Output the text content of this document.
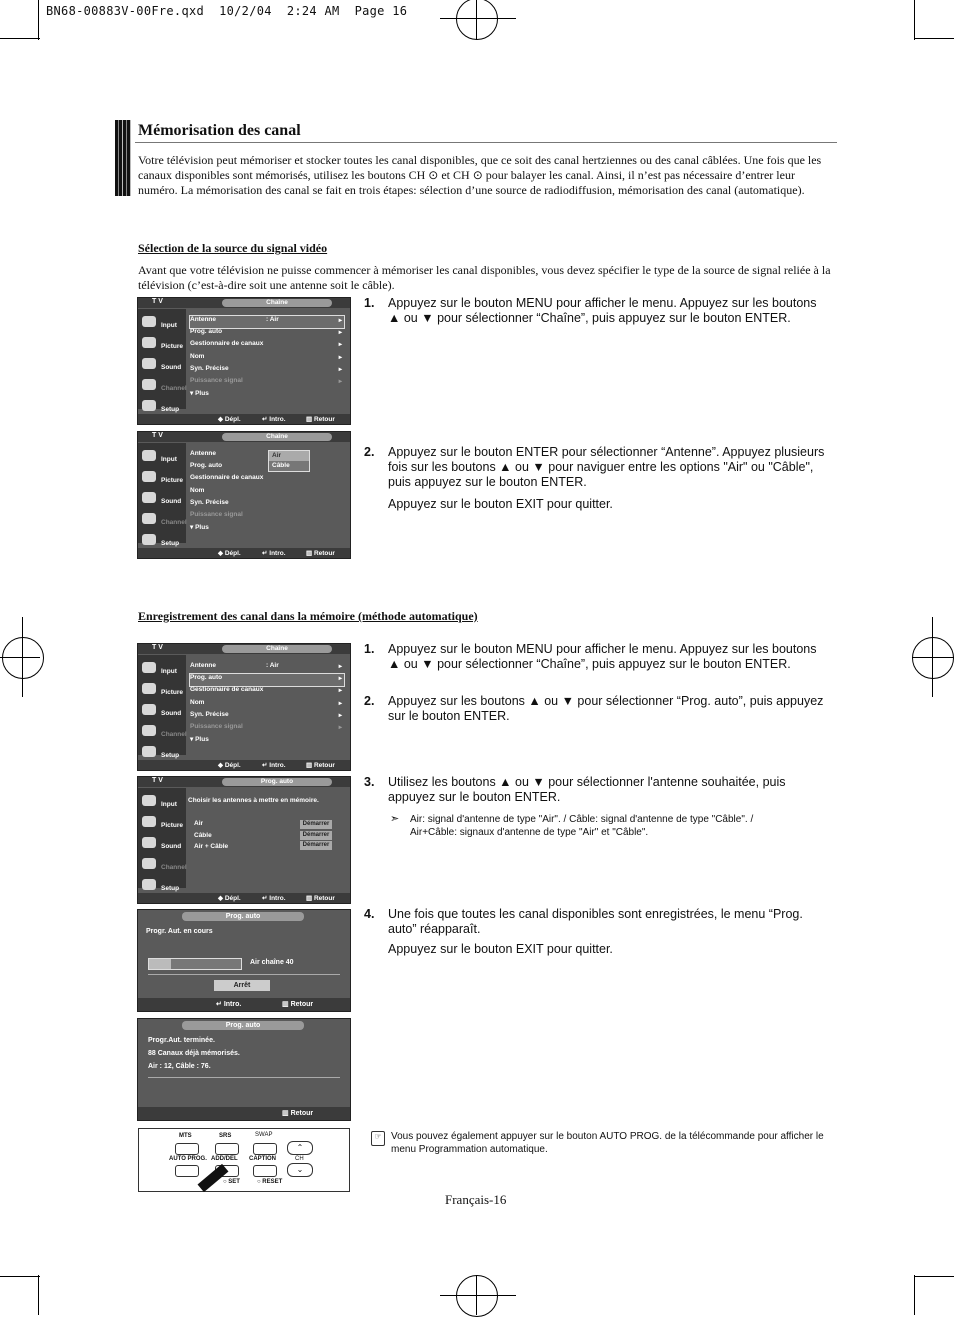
BN68-00883V-00Fre.qxd 10/2/04 2:24 AM Page 16
Mémorisation des canal
Votre télévision peut mémoriser et stocker toutes les canal disponibles, que ce soit des canal hertziennes ou des canal câblées. Une fois que les canaux disponibles sont mémorisés, utilisez les boutons CH ⊙ et CH ⊙ pour balayer les canal. Ainsi, il n’est pas nécessaire d’entrer leur numéro. La mémorisation des canal se fait en trois étapes: sélection d’une source de radiodiffusion, mémorisation des canal (automatique).
Sélection de la source du signal vidéo
Avant que votre télévision ne puisse commencer à mémoriser les canal disponibles, vous devez spécifier le type de la source de signal reliée à la télévision (c’est-à-dire soit une antenne soit le câble).
T V	Chaîne
Input
Picture
Sound
Channel
Setup
Antenne	: Air	▸
Prog. auto	▸
Gestionnaire de canaux	▸
Nom	▸
Syn. Précise	▸
Puissance signal	▸
▾ Plus
◆ Dépl.	↵ Intro.	▥ Retour
T V	Chaîne
Input
Picture
Sound
Channel
Setup
Antenne
Prog. auto
Gestionnaire de canaux
Nom
Syn. Précise
Puissance signal
▾ Plus
Air
Câble
◆ Dépl.	↵ Intro.	▥ Retour
1. Appuyez sur le bouton MENU pour afficher le menu. Appuyez sur les boutons ▲ ou ▼ pour sélectionner “Chaîne”, puis appuyez sur le bouton ENTER.
2. Appuyez sur le bouton ENTER pour sélectionner “Antenne”. Appuyez plusieurs fois sur les boutons ▲ ou ▼ pour naviguer entre les options "Air" ou "Câble", puis appuyez sur le bouton ENTER.
Appuyez sur le bouton EXIT pour quitter.
Enregistrement des canal dans la mémoire (méthode automatique)
T V	Chaîne
Input
Picture
Sound
Channel
Setup
Antenne	: Air	▸
Prog. auto	▸
Gestionnaire de canaux	▸
Nom	▸
Syn. Précise	▸
Puissance signal	▸
▾ Plus
◆ Dépl.	↵ Intro.	▥ Retour
T V	Prog. auto
Input
Picture
Sound
Channel
Setup
Choisir les antennes à mettre en mémoire.
Air
Câble
Air + Câble
Démarrer
Démarrer
Démarrer
◆ Dépl.	↵ Intro.	▥ Retour
Prog. auto
Progr. Aut. en cours
Air chaîne 40
Arrêt
↵ Intro.	▥ Retour
Prog. auto
Progr.Aut. terminée.
88 Canaux déjà mémorisés.
Air : 12, Câble : 76.
▥ Retour
MTS	SRS	SWAP
⌃
AUTO PROG. ADD/DEL CAPTION	CH
⌄
○ SET	○ RESET
1. Appuyez sur le bouton MENU pour afficher le menu. Appuyez sur les boutons ▲ ou ▼ pour sélectionner “Chaîne”, puis appuyez sur le bouton ENTER.
2. Appuyez sur les boutons ▲ ou ▼ pour sélectionner “Prog. auto”, puis appuyez sur le bouton ENTER.
3. Utilisez les boutons ▲ ou ▼ pour sélectionner l'antenne souhaitée, puis appuyez sur le bouton ENTER.
➣ Air: signal d'antenne de type "Air". / Câble: signal d'antenne de type "Câble". / Air+Câble: signaux d'antenne de type "Air" et "Câble".
4. Une fois que toutes les canal disponibles sont enregistrées, le menu “Prog. auto” réapparaît.
Appuyez sur le bouton EXIT pour quitter.
☞ Vous pouvez également appuyer sur le bouton AUTO PROG. de la télécommande pour afficher le menu Programmation automatique.
Français-16
